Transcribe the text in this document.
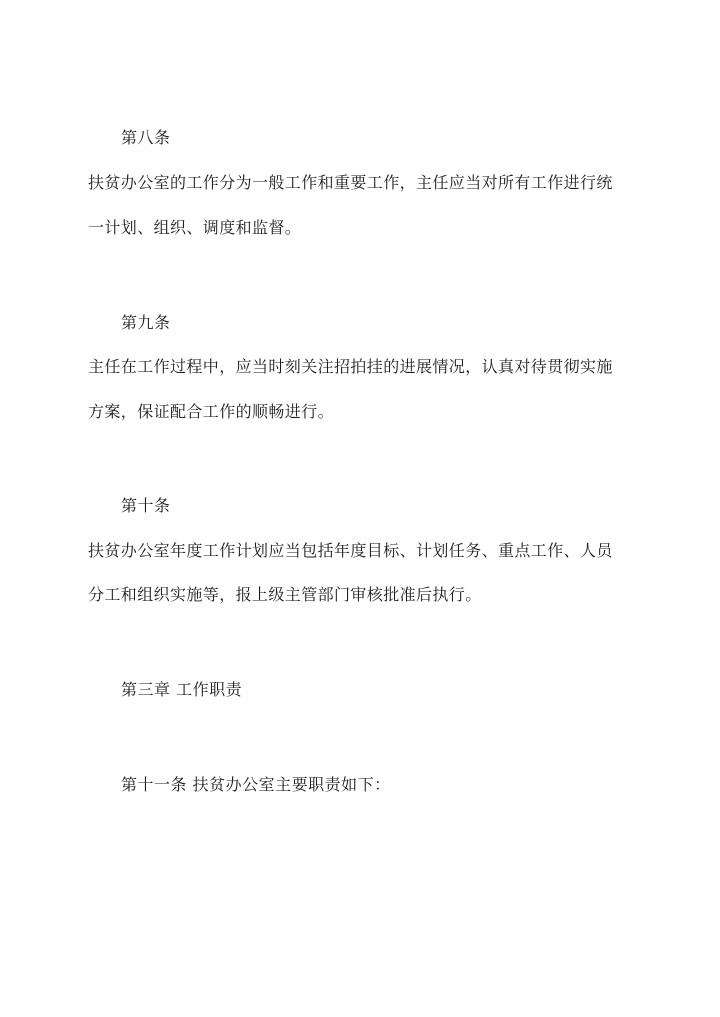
第八条
扶贫办公室的工作分为一般工作和重要工作，主任应当对所有工作进行统
一计划、组织、调度和监督。
第九条
主任在工作过程中，应当时刻关注招拍挂的进展情况，认真对待贯彻实施
方案，保证配合工作的顺畅进行。
第十条
扶贫办公室年度工作计划应当包括年度目标、计划任务、重点工作、人员
分工和组织实施等，报上级主管部门审核批准后执行。
第三章 工作职责
第十一条 扶贫办公室主要职责如下：
